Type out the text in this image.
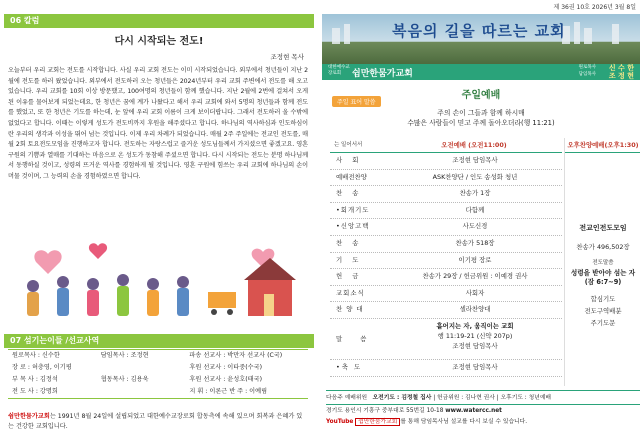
06 칼럼
다시 시작되는 전도!
조정현 목사
오늘부터 우리 교회는 전도를 시작합니다. 사실 우리 교회 전도는 이미 시작되었습니다. 외부에서 청년들이 지난 2월에 전도를 하러 왔었습니다. 외부에서 전도하러 오는 청년들은 2024년부터 우리 교회 주변에서 전도를 해 오고 있습니다. 우리 교회를 10회 이상 방문했고, 100여명의 청년들이 함께 했습니다. 지난 2월에 2번에 걸쳐서 오게 된 이유를 물어보게 되었는데요, 한 청년은 꿈에 계가 나왔다고 해서 우리 교회에 와서 5명의 청년들과 함께 전도를 했었고, 또 한 청년은 기도를 하는데, 눈 앞에 우리 교회 이름이 크게 보이더랍니다. 그래서 전도하러 올 수밖에 없었다고 합니다. 이때는 이렇게 성도가 전도비까지 후원을 해주셨다고 합니다. 하나님의 역사하심과 인도하심이란 우리의 생각과 이성을 뛰어 넘는 것입니다. 이제 우리 차례가 되었습니다. 매월 2주 주일에는 전교인 전도를, 매월 2회 토요전도모임을 진행하고자 합니다. 전도하는 자랑스럽고 즐거운 성도님들께서 가지셨으면 좋겠고요. 영혼 구원의 기쁨과 열매를 기대하는 마음으로 온 성도가 동참해 주셨으면 합니다. 다시 시작되는 전도는 분명 하나님께서 동행하실 것이고, 성령의 뜨거운 역사를 경험하게 될 것입니다. 영혼 구원에 힘쓰는 우리 교회에 하나님의 손이 머물 것이며, 그 능력의 손을 경험하였으면 합니다.
07 섬기는이들 /선교사역
원로목사 : 신수한	담임목사 : 조정현	파송 선교사 : 박만자 선교사 (C국)
장 로 : 허충영, 이기평	후원 선교사 : 이타중(수국)
부 목 사 : 김정석	협동목사 : 김용욱	후원 선교사 : 윤성호(태국)
전 도 사 : 강명희	지 휘 : 이론근 반 주 : 이예림
쉼만한뭄가교회는 1991년 8월 24일에 설립되었고 대한예수교장로회 합동측에 속해 있으며 회복과 은혜가 있는 건강한 교회입니다.
제 36권 10호 2026년 3월 8일
복음의 길을 따르는 교회
대한예수교
장로회	쉼만한뭄가교회
원로목사
담임목사
신 수 한
조 정 현
주일예배
주일 표어 말씀
주의 손이 그들과 함께 하시매
수많은 사람들이 믿고 주께 돌아오더라(행 11:21)
는 일어서서	오전예배 (오전11:00)
사 회	조정현 담임목사
예배전찬양	ASK찬양단 / 인도 송성화 청년
찬 송	찬송가 1장
•회개기도	다함께
•신앙고백	사도신경
찬 송	찬송가 518장
기 도	이기평 장로
헌 금	찬송가 29장 / 헌금위원 : 이예경 권사
교회소식	사회자
찬 양 대	셀라찬양대
말 씀
흩어지는 자, 움직이는 교회
행 11:19-21 (신약 207p)
조정현 담임목사
•축 도	조정현 담임목사
오후찬양예배(오후1:30)
전교인전도모임
찬송가 496,502장
전도말씀
성령을 받아야 섬는 자
(잠 6:7~9)
합심기도
전도구역배분
주기도문
다음주 예배위원 오전기도 : 김정철 집사 | 헌금위원 : 김나현 권사 | 오후기도 : 청년예배
경기도 용인시 기흥구 중부대로 55번길 10-18 www.watercc.net
YouTube 쉼만한뭄가교회 를 통해 담임목사님 설교를 다시 보실 수 있습니다.
